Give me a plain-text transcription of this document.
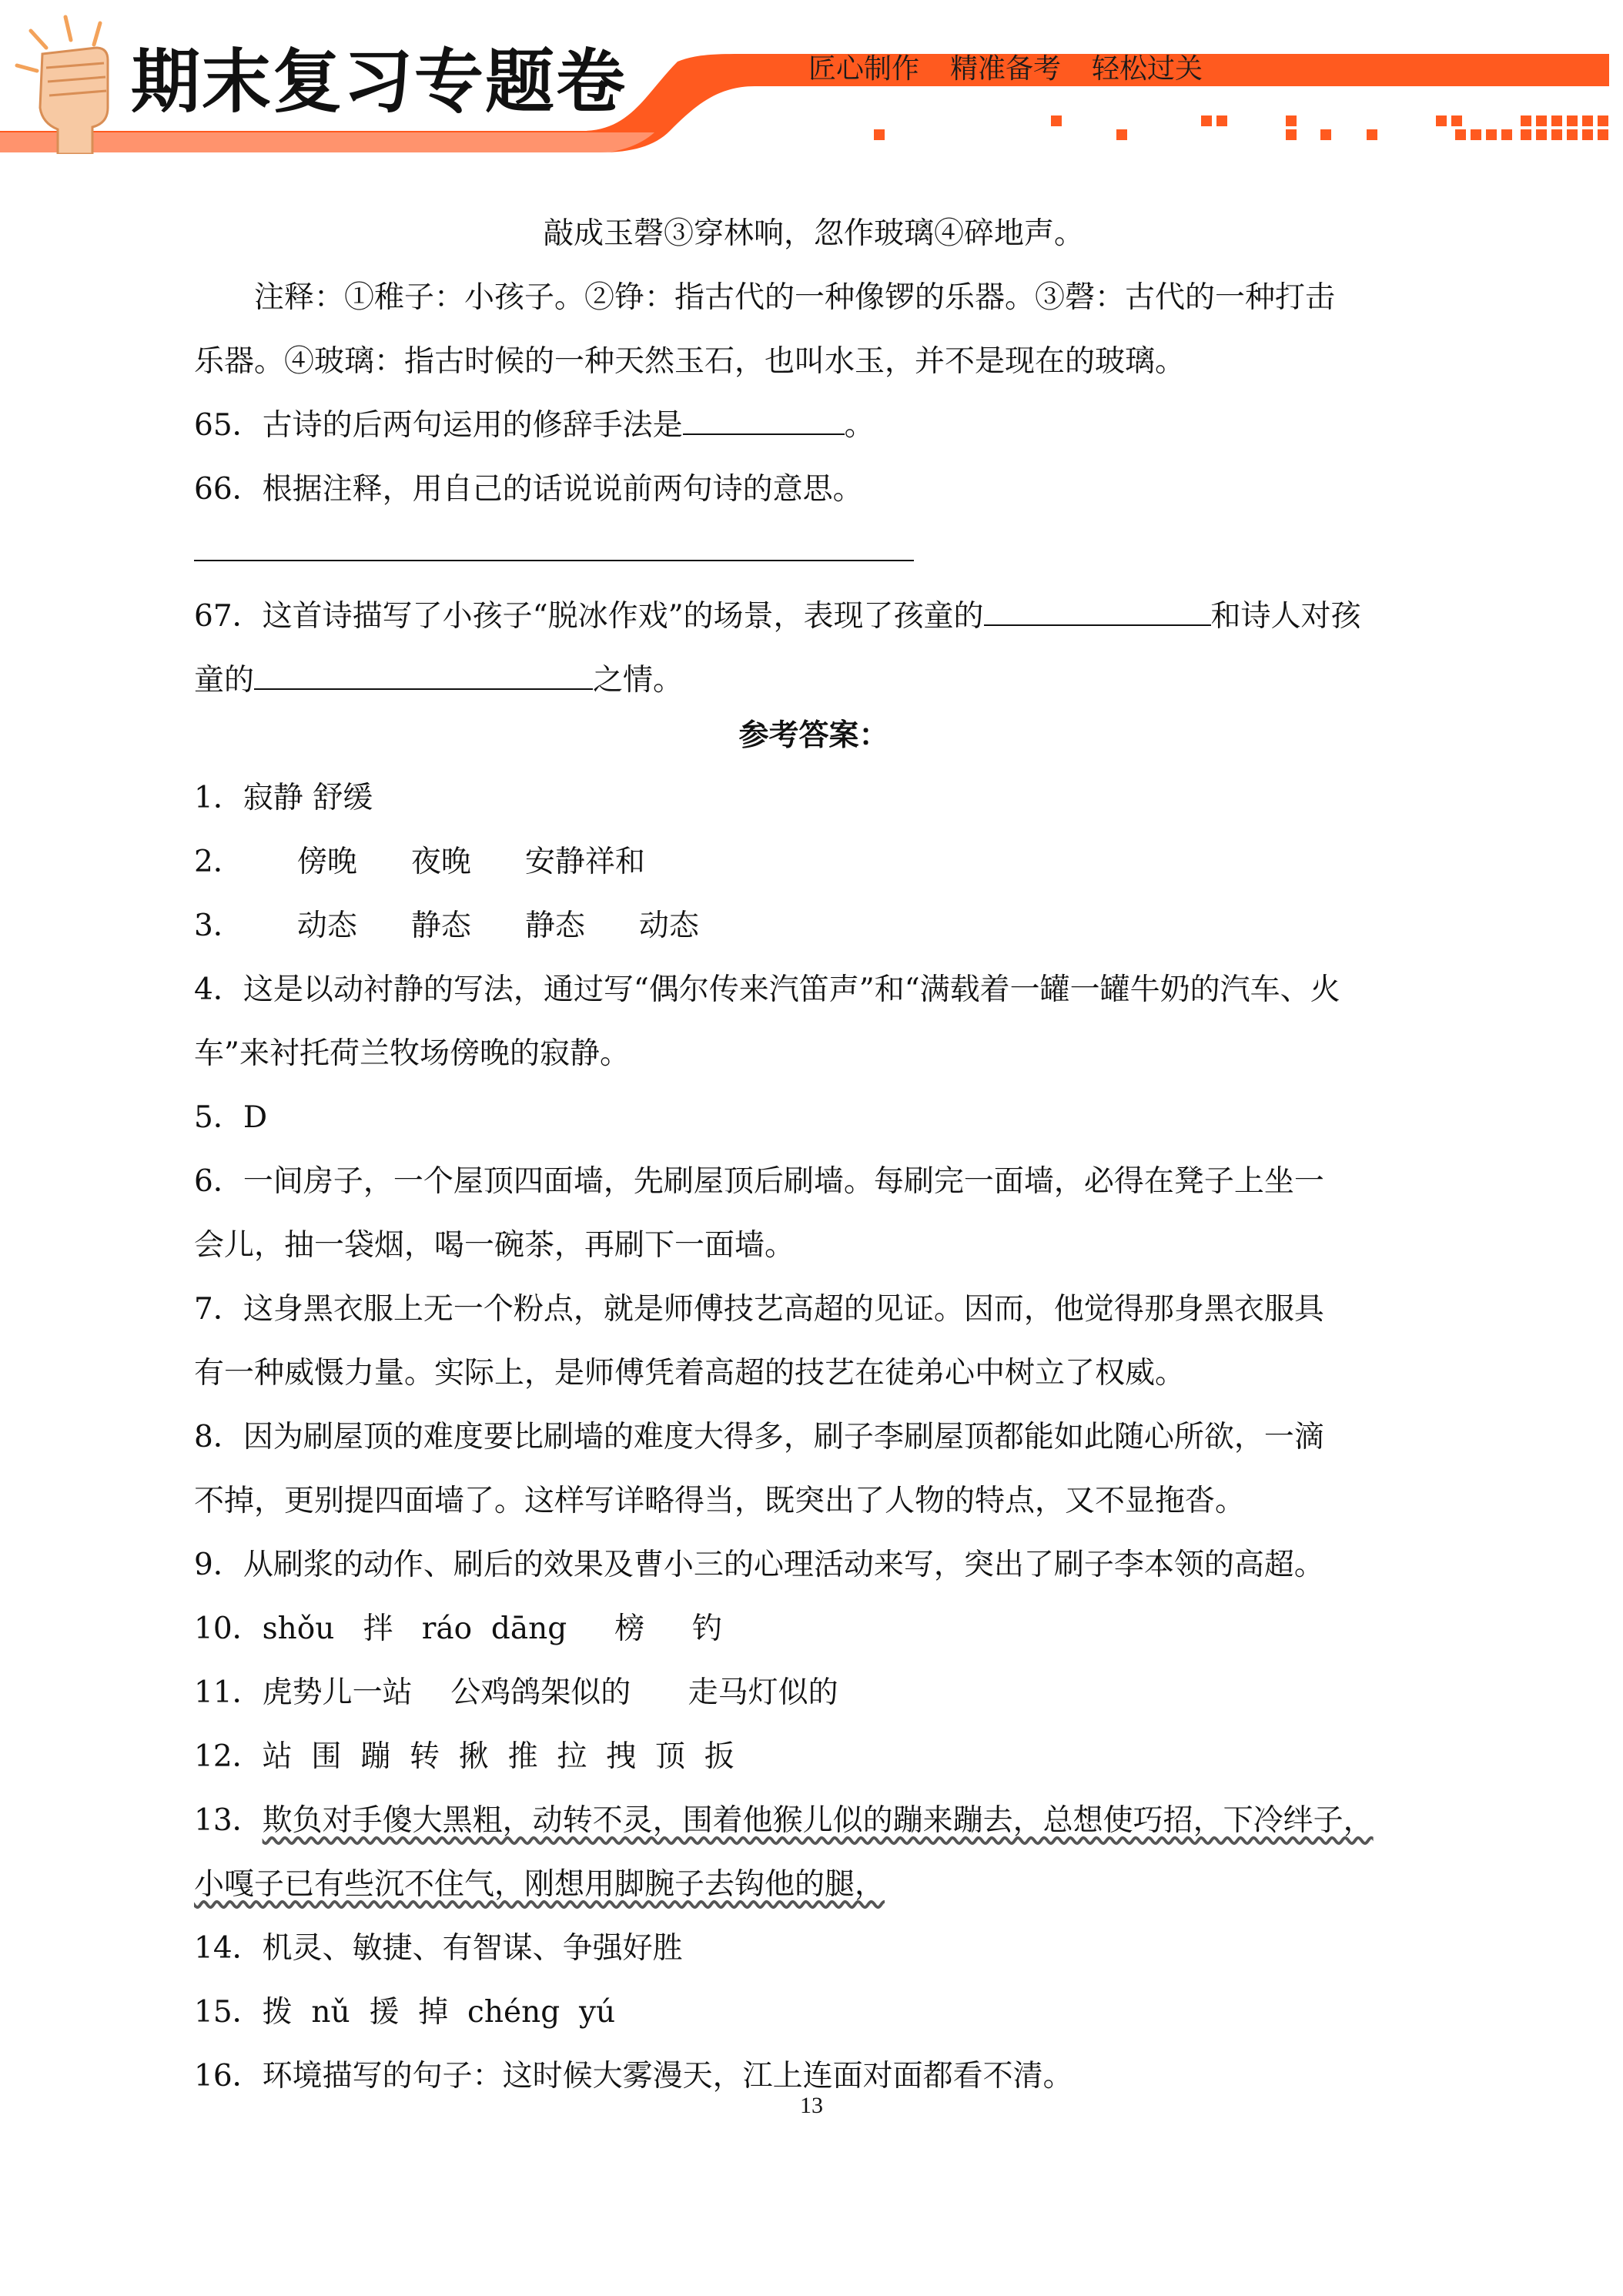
期末复习专题卷	匠心制作 精准备考 轻松过关
敲成玉磬③穿林响，忽作玻璃④碎地声。
注释：①稚子：小孩子。②铮：指古代的一种像锣的乐器。③磬：古代的一种打击
乐器。④玻璃：指古时候的一种天然玉石，也叫水玉，并不是现在的玻璃。
65．古诗的后两句运用的修辞手法是	。
66．根据注释，用自己的话说说前两句诗的意思。
67．这首诗描写了小孩子“脱冰作戏”的场景，表现了孩童的	和诗人对孩
童的	之情。
参考答案：
1．寂静 舒缓
2． 傍晚 夜晚 安静祥和
3． 动态 静态 静态 动态
4．这是以动衬静的写法，通过写“偶尔传来汽笛声”和“满载着一罐一罐牛奶的汽车、火
车”来衬托荷兰牧场傍晚的寂静。
5．D
6．一间房子，一个屋顶四面墙，先刷屋顶后刷墙。每刷完一面墙，必得在凳子上坐一
会儿，抽一袋烟，喝一碗茶，再刷下一面墙。
7．这身黑衣服上无一个粉点，就是师傅技艺高超的见证。因而，他觉得那身黑衣服具
有一种威慑力量。实际上，是师傅凭着高超的技艺在徒弟心中树立了权威。
8．因为刷屋顶的难度要比刷墙的难度大得多，刷子李刷屋顶都能如此随心所欲，一滴
不掉，更别提四面墙了。这样写详略得当，既突出了人物的特点，又不显拖沓。
9．从刷浆的动作、刷后的效果及曹小三的心理活动来写，突出了刷子李本领的高超。
10．shǒu   拌   ráo  dāng     榜     钓
11．虎势儿一站    公鸡鸽架似的      走马灯似的
12．站  围  蹦  转  揪  推  拉  拽  顶  扳
13．欺负对手傻大黑粗，动转不灵，围着他猴儿似的蹦来蹦去，总想使巧招，下冷绊子，
小嘎子已有些沉不住气，刚想用脚腕子去钩他的腿，
14．机灵、敏捷、有智谋、争强好胜
15．拨  nǔ  援  掉  chéng  yú
16．环境描写的句子：这时候大雾漫天，江上连面对面都看不清。
13
